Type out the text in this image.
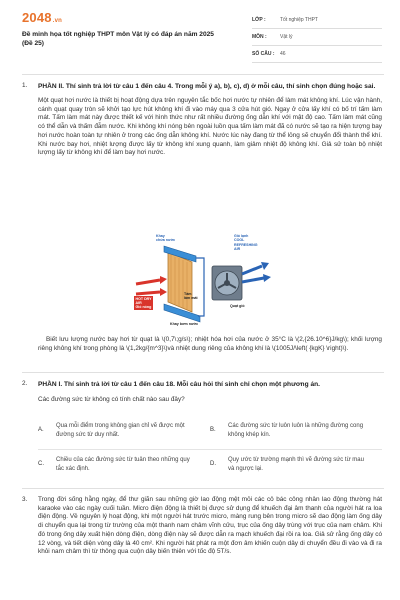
2048.vn
Đề minh họa tốt nghiệp THPT môn Vật lý có đáp án năm 2025 (Đề 25)
LỚP :	Tốt nghiệp THPT
MÔN :	Vật lý
SỐ CÂU :	46
1. PHẦN II. Thí sinh trả lời từ câu 1 đến câu 4. Trong mỗi ý a), b), c), d) ở mỗi câu, thí sinh chọn đúng hoặc sai.
Một quạt hơi nước là thiết bị hoạt động dựa trên nguyên tắc bốc hơi nước tự nhiên để làm mát không khí. Lúc vận hành, cánh quạt quay tròn sẽ khởi tạo lực hút không khí đi vào máy qua 3 cửa hút gió. Ngay ở cửa lấy khí có bố trí tấm làm mát. Tấm làm mát này được thiết kế với hình thức như rất nhiều đường ống dẫn khí với mật độ cao. Tấm làm mát cũng có thể dẫn và thấm đẫm nước. Khi không khí nóng bên ngoài luồn qua tấm làm mát đã có nước sẽ tạo ra hiện tượng bay hơi nước hoàn toàn tự nhiên ở trong các ống dẫn không khí. Nước lúc này đang từ thể lỏng sẽ chuyển đổi thành thể khí. Khi nước bay hơi, nhiệt lượng được lấy từ không khí xung quanh, làm giảm nhiệt độ không khí. Giả sử toàn bộ nhiệt lượng lấy từ không khí để làm bay hơi nước.
Khay
chứa nước
Gió lạnh
COOL
REFRESHING
AIR
HOT DRY
AIR
Gió nóng
Tấm
làm mát
Quạt gió
Khay bơm nước
Biết lưu lượng nước bay hơi từ quạt là \(0,7\;g/s\); nhiệt hóa hơi của nước ở 35°C là \(2,{26.10^6}J/kg\); khối lượng riêng không khí trong phòng là \(1,2kg/{m^3}\)và nhiệt dung riêng của không khí là \(1005J/\left( {kgK} \right)\).
2. PHẦN I. Thí sinh trả lời từ câu 1 đến câu 18. Mỗi câu hỏi thí sinh chỉ chọn một phương án.
Các đường sức từ không có tính chất nào sau đây?
A.
Qua mỗi điểm trong không gian chỉ vẽ được một đường sức từ duy nhất.
B.
Các đường sức từ luôn luôn là những đường cong không khép kín.
C.
Chiều của các đường sức từ tuân theo những quy tắc xác định.
D.
Quy ước từ trường mạnh thì vẽ đường sức từ mau và ngược lại.
3. Trong đời sống hằng ngày, để thư giãn sau những giờ lao động mệt mỏi các cô bác công nhân lao động thường hát karaoke vào các ngày cuối tuần. Micro điện động là thiết bị được sử dụng để khuếch đại âm thanh của người hát ra loa điện động. Về nguyên lý hoạt động, khi một người hát trước micro, màng rung bên trong micro sẽ dao động làm ống dây di chuyển qua lại trong từ trường của một thanh nam châm vĩnh cửu, trục của ống dây trùng với trục của nam châm. Khi đó trong ống dây xuất hiện dòng điện, dòng điện này sẽ được dẫn ra mạch khuếch đại rồi ra loa. Giả sử rằng ống dây có 12 vòng, và tiết diện vòng dây là 40 cm². Khi người hát phát ra một đơn âm khiến cuộn dây di chuyển đều đi vào và đi ra khỏi nam châm thì từ thông qua cuộn dây biến thiên với tốc độ 5T/s.
